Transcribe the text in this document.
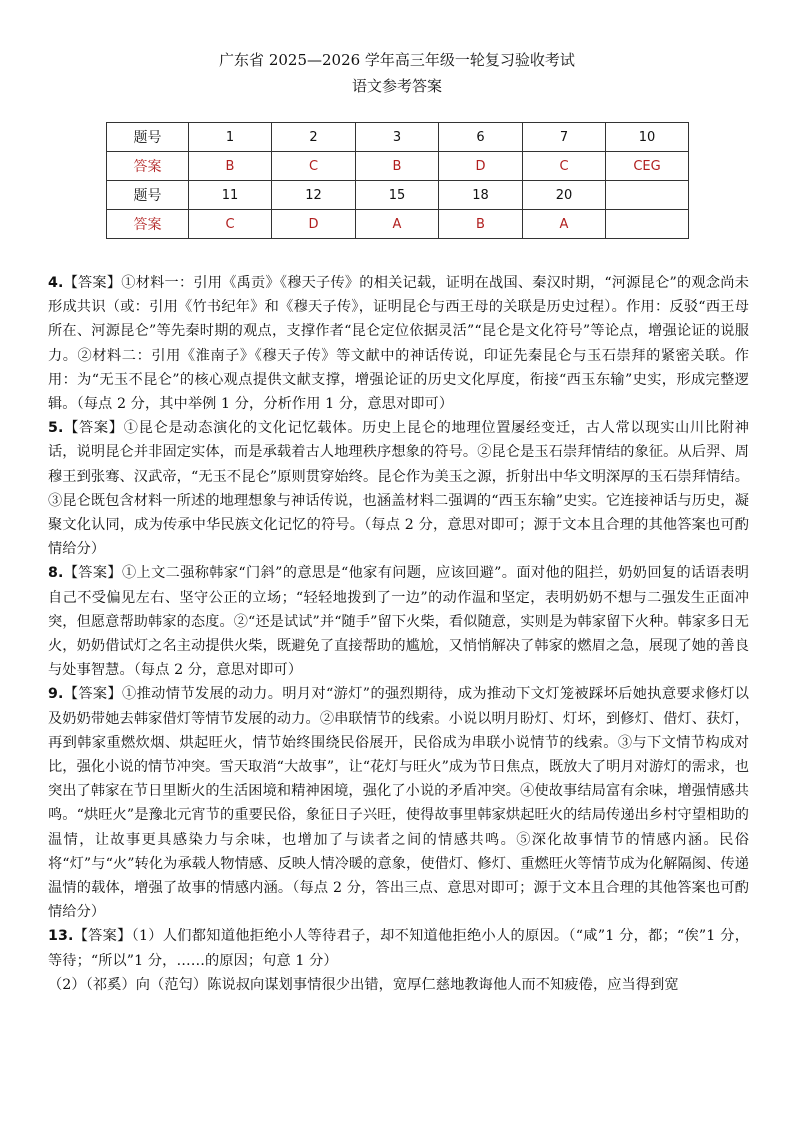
广东省 2025—2026 学年高三年级一轮复习验收考试
语文参考答案
题号	1	2	3	6	7	10
答案	B	C	B	D	C	CEG
题号	11	12	15	18	20	
答案	C	D	A	B	A	

4.【答案】①材料一：引用《禹贡》《穆天子传》的相关记载，证明在战国、秦汉时期，“河源昆仑”的观念尚未形成共识（或：引用《竹书纪年》和《穆天子传》，证明昆仑与西王母的关联是历史过程）。作用：反驳“西王母所在、河源昆仑”等先秦时期的观点，支撑作者“昆仑定位依据灵活”“昆仑是文化符号”等论点，增强论证的说服力。②材料二：引用《淮南子》《穆天子传》等文献中的神话传说，印证先秦昆仑与玉石崇拜的紧密关联。作用：为“无玉不昆仑”的核心观点提供文献支撑，增强论证的历史文化厚度，衔接“西玉东输”史实，形成完整逻辑。（每点 2 分，其中举例 1 分，分析作用 1 分，意思对即可）

5.【答案】①昆仑是动态演化的文化记忆载体。历史上昆仑的地理位置屡经变迁，古人常以现实山川比附神话，说明昆仑并非固定实体，而是承载着古人地理秩序想象的符号。②昆仑是玉石崇拜情结的象征。从后羿、周穆王到张骞、汉武帝，“无玉不昆仑”原则贯穿始终。昆仑作为美玉之源，折射出中华文明深厚的玉石崇拜情结。③昆仑既包含材料一所述的地理想象与神话传说，也涵盖材料二强调的“西玉东输”史实。它连接神话与历史，凝聚文化认同，成为传承中华民族文化记忆的符号。（每点 2 分，意思对即可；源于文本且合理的其他答案也可酌情给分）

8.【答案】①上文二强称韩家“门斜”的意思是“他家有问题，应该回避”。面对他的阻拦，奶奶回复的话语表明自己不受偏见左右、坚守公正的立场；“轻轻地拨到了一边”的动作温和坚定，表明奶奶不想与二强发生正面冲突，但愿意帮助韩家的态度。②“还是试试”并“随手”留下火柴，看似随意，实则是为韩家留下火种。韩家多日无火，奶奶借试灯之名主动提供火柴，既避免了直接帮助的尴尬，又悄悄解决了韩家的燃眉之急，展现了她的善良与处事智慧。（每点 2 分，意思对即可）

9.【答案】①推动情节发展的动力。明月对“游灯”的强烈期待，成为推动下文灯笼被踩坏后她执意要求修灯以及奶奶带她去韩家借灯等情节发展的动力。②串联情节的线索。小说以明月盼灯、灯坏，到修灯、借灯、获灯，再到韩家重燃炊烟、烘起旺火，情节始终围绕民俗展开，民俗成为串联小说情节的线索。③与下文情节构成对比，强化小说的情节冲突。雪天取消“大故事”，让“花灯与旺火”成为节日焦点，既放大了明月对游灯的需求，也突出了韩家在节日里断火的生活困境和精神困境，强化了小说的矛盾冲突。④使故事结局富有余味，增强情感共鸣。“烘旺火”是豫北元宵节的重要民俗，象征日子兴旺，使得故事里韩家烘起旺火的结局传递出乡村守望相助的温情，让故事更具感染力与余味，也增加了与读者之间的情感共鸣。⑤深化故事情节的情感内涵。民俗将“灯”与“火”转化为承载人物情感、反映人情冷暖的意象，使借灯、修灯、重燃旺火等情节成为化解隔阂、传递温情的载体，增强了故事的情感内涵。（每点 2 分，答出三点、意思对即可；源于文本且合理的其他答案也可酌情给分）

13.【答案】（1）人们都知道他拒绝小人等待君子，却不知道他拒绝小人的原因。（“咸”1 分，都；“俟”1 分，等待；“所以”1 分，……的原因；句意 1 分）

（2）（祁奚）向（范匄）陈说叔向谋划事情很少出错，宽厚仁慈地教诲他人而不知疲倦，应当得到宽
